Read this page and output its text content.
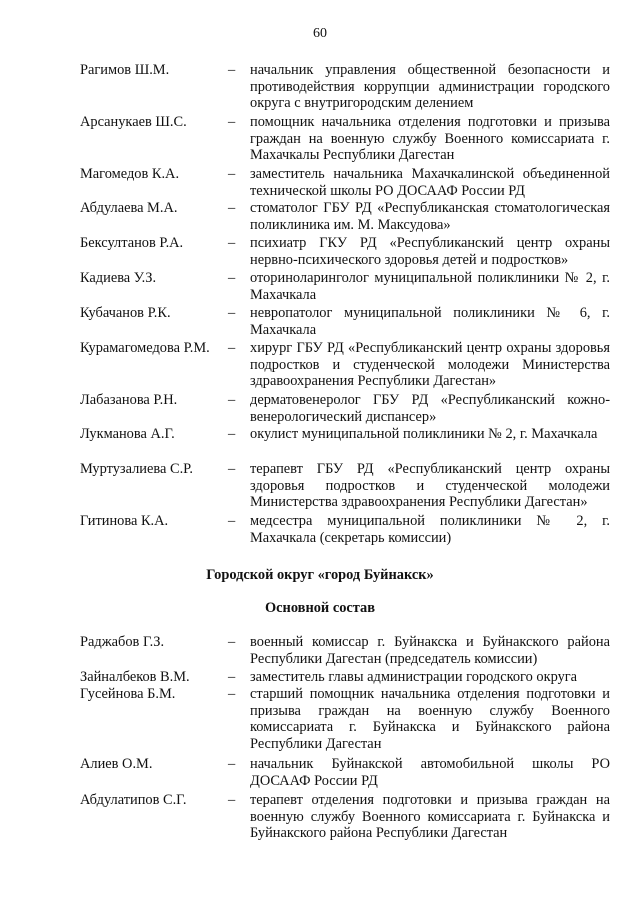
60
Рагимов Ш.М.	– начальник управления общественной безопасности и противодействия коррупции администрации городского округа с внутригородским делением
Арсанукаев Ш.С.	– помощник начальника отделения подготовки и призыва граждан на военную службу Военного комиссариата г. Махачкалы Республики Дагестан
Магомедов К.А.	– заместитель начальника Махачкалинской объединенной технической школы РО ДОСААФ России РД
Абдулаева М.А.	– стоматолог ГБУ РД «Республиканская стоматологическая поликлиника им. М. Максудова»
Бексултанов Р.А.	– психиатр ГКУ РД «Республиканский центр охраны нервно-психического здоровья детей и подростков»
Кадиева У.З.	– оториноларинголог муниципальной поликлиники № 2, г. Махачкала
Кубачанов Р.К.	– невропатолог муниципальной поликлиники № 6, г. Махачкала
Курамагомедова Р.М. – хирург ГБУ РД «Республиканский центр охраны здоровья подростков и студенческой молодежи Министерства здравоохранения Республики Дагестан»
Лабазанова Р.Н.	– дерматовенеролог ГБУ РД «Республиканский кожно-венерологический диспансер»
Лукманова А.Г.	– окулист муниципальной поликлиники № 2, г. Махачкала
Муртузалиева С.Р. – терапевт ГБУ РД «Республиканский центр охраны здоровья подростков и студенческой молодежи Министерства здравоохранения Республики Дагестан»
Гитинова К.А.	– медсестра муниципальной поликлиники № 2, г. Махачкала (секретарь комиссии)
Городской округ «город Буйнакск»
Основной состав
Раджабов Г.З.	– военный комиссар г. Буйнакска и Буйнакского района Республики Дагестан (председатель комиссии)
Зайналбеков В.М.	– заместитель главы администрации городского округа
Гусейнова Б.М.	– старший помощник начальника отделения подготовки и призыва граждан на военную службу Военного комиссариата г. Буйнакска и Буйнакского района Республики Дагестан
Алиев О.М.	– начальник Буйнакской автомобильной школы РО ДОСААФ России РД
Абдулатипов С.Г.	– терапевт отделения подготовки и призыва граждан на военную службу Военного комиссариата г. Буйнакска и Буйнакского района Республики Дагестан
